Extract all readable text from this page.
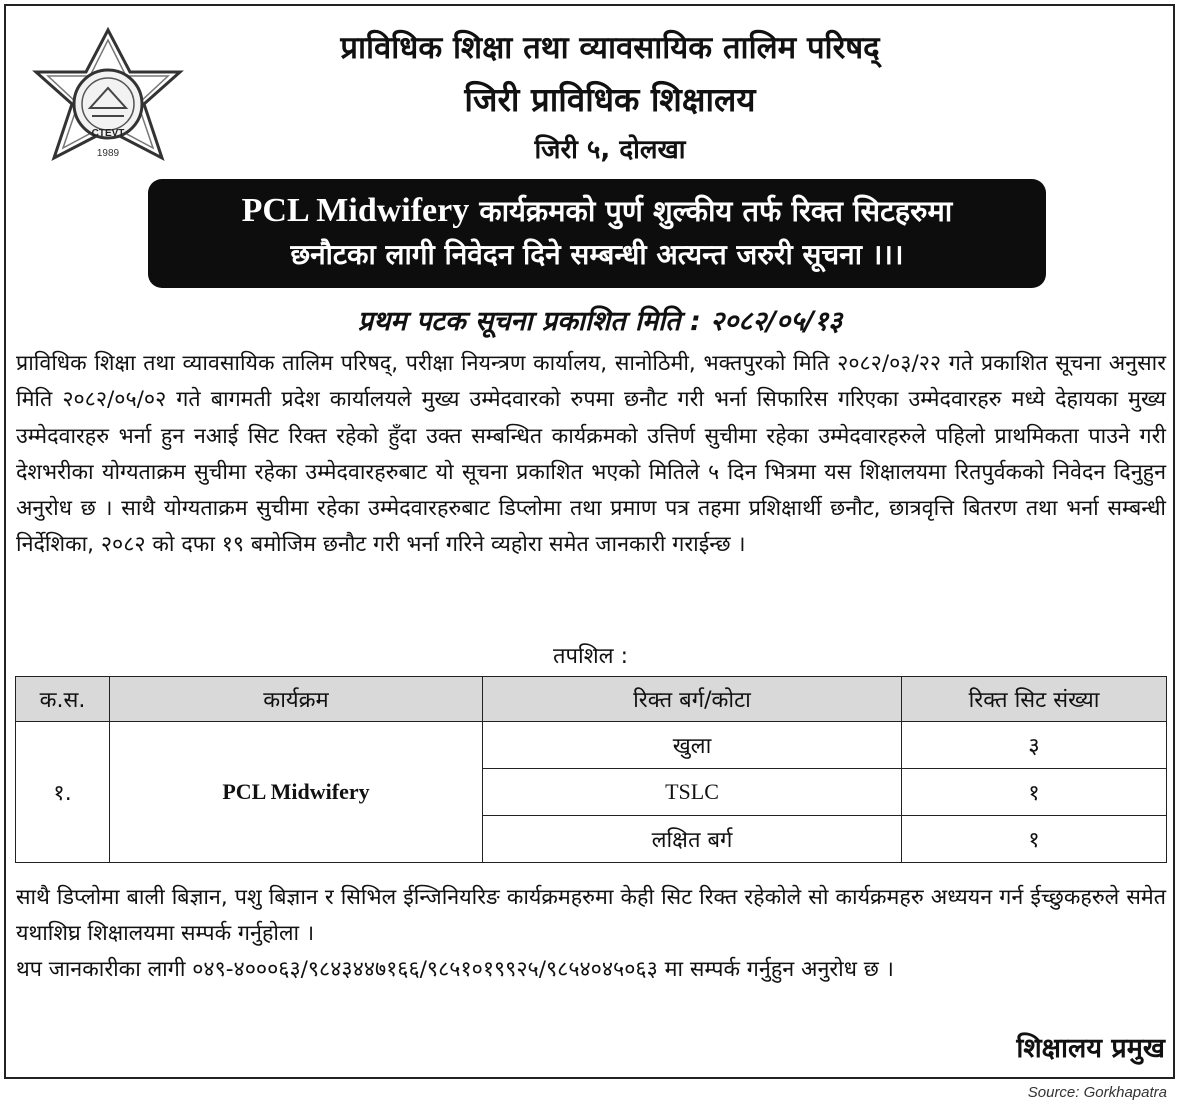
CTEVT
1989
प्राविधिक शिक्षा तथा व्यावसायिक तालिम परिषद्
जिरी प्राविधिक शिक्षालय
जिरी ५, दोलखा
PCL Midwifery कार्यक्रमको पुर्ण शुल्कीय तर्फ रिक्त सिटहरुमा
छनौटका लागी निवेदन दिने सम्बन्धी अत्यन्त जरुरी सूचना ।।।
प्रथम पटक सूचना प्रकाशित मिति : २०८२/०५/१३

प्राविधिक शिक्षा तथा व्यावसायिक तालिम परिषद्, परीक्षा नियन्त्रण कार्यालय, सानोठिमी, भक्तपुरको मिति २०८२/०३/२२ गते प्रकाशित सूचना अनुसार मिति २०८२/०५/०२ गते बागमती प्रदेश कार्यालयले मुख्य उम्मेदवारको रुपमा छनौट गरी भर्ना सिफारिस गरिएका उम्मेदवारहरु मध्ये देहायका मुख्य उम्मेदवारहरु भर्ना हुन नआई सिट रिक्त रहेको हुँदा उक्त सम्बन्धित कार्यक्रमको उत्तिर्ण सुचीमा रहेका उम्मेदवारहरुले पहिलो प्राथमिकता पाउने गरी देशभरीका योग्यताक्रम सुचीमा रहेका उम्मेदवारहरुबाट यो सूचना प्रकाशित भएको मितिले ५ दिन भित्रमा यस शिक्षालयमा रितपुर्वकको निवेदन दिनुहुन अनुरोध छ । साथै योग्यताक्रम सुचीमा रहेका उम्मेदवारहरुबाट डिप्लोमा तथा प्रमाण पत्र तहमा प्रशिक्षार्थी छनौट, छात्रवृत्ति बितरण तथा भर्ना सम्बन्धी निर्देशिका, २०८२ को दफा १९ बमोजिम छनौट गरी भर्ना गरिने व्यहोरा समेत जानकारी गराईन्छ ।

तपशिल :
क.स.	कार्यक्रम	रिक्त बर्ग/कोटा	रिक्त सिट संख्या
१.	PCL Midwifery	खुला	३
		TSLC	१
		लक्षित बर्ग	१

साथै डिप्लोमा बाली बिज्ञान, पशु बिज्ञान र सिभिल ईन्जिनियरिङ कार्यक्रमहरुमा केही सिट रिक्त रहेकोले सो कार्यक्रमहरु अध्ययन गर्न ईच्छुकहरुले समेत यथाशिघ्र शिक्षालयमा सम्पर्क गर्नुहोला ।

थप जानकारीका लागी ०४९-४०००६३/९८४३४४७१६६/९८५१०१९९२५/९८५४०४५०६३ मा सम्पर्क गर्नुहुन अनुरोध छ ।

शिक्षालय प्रमुख
Source: Gorkhapatra
